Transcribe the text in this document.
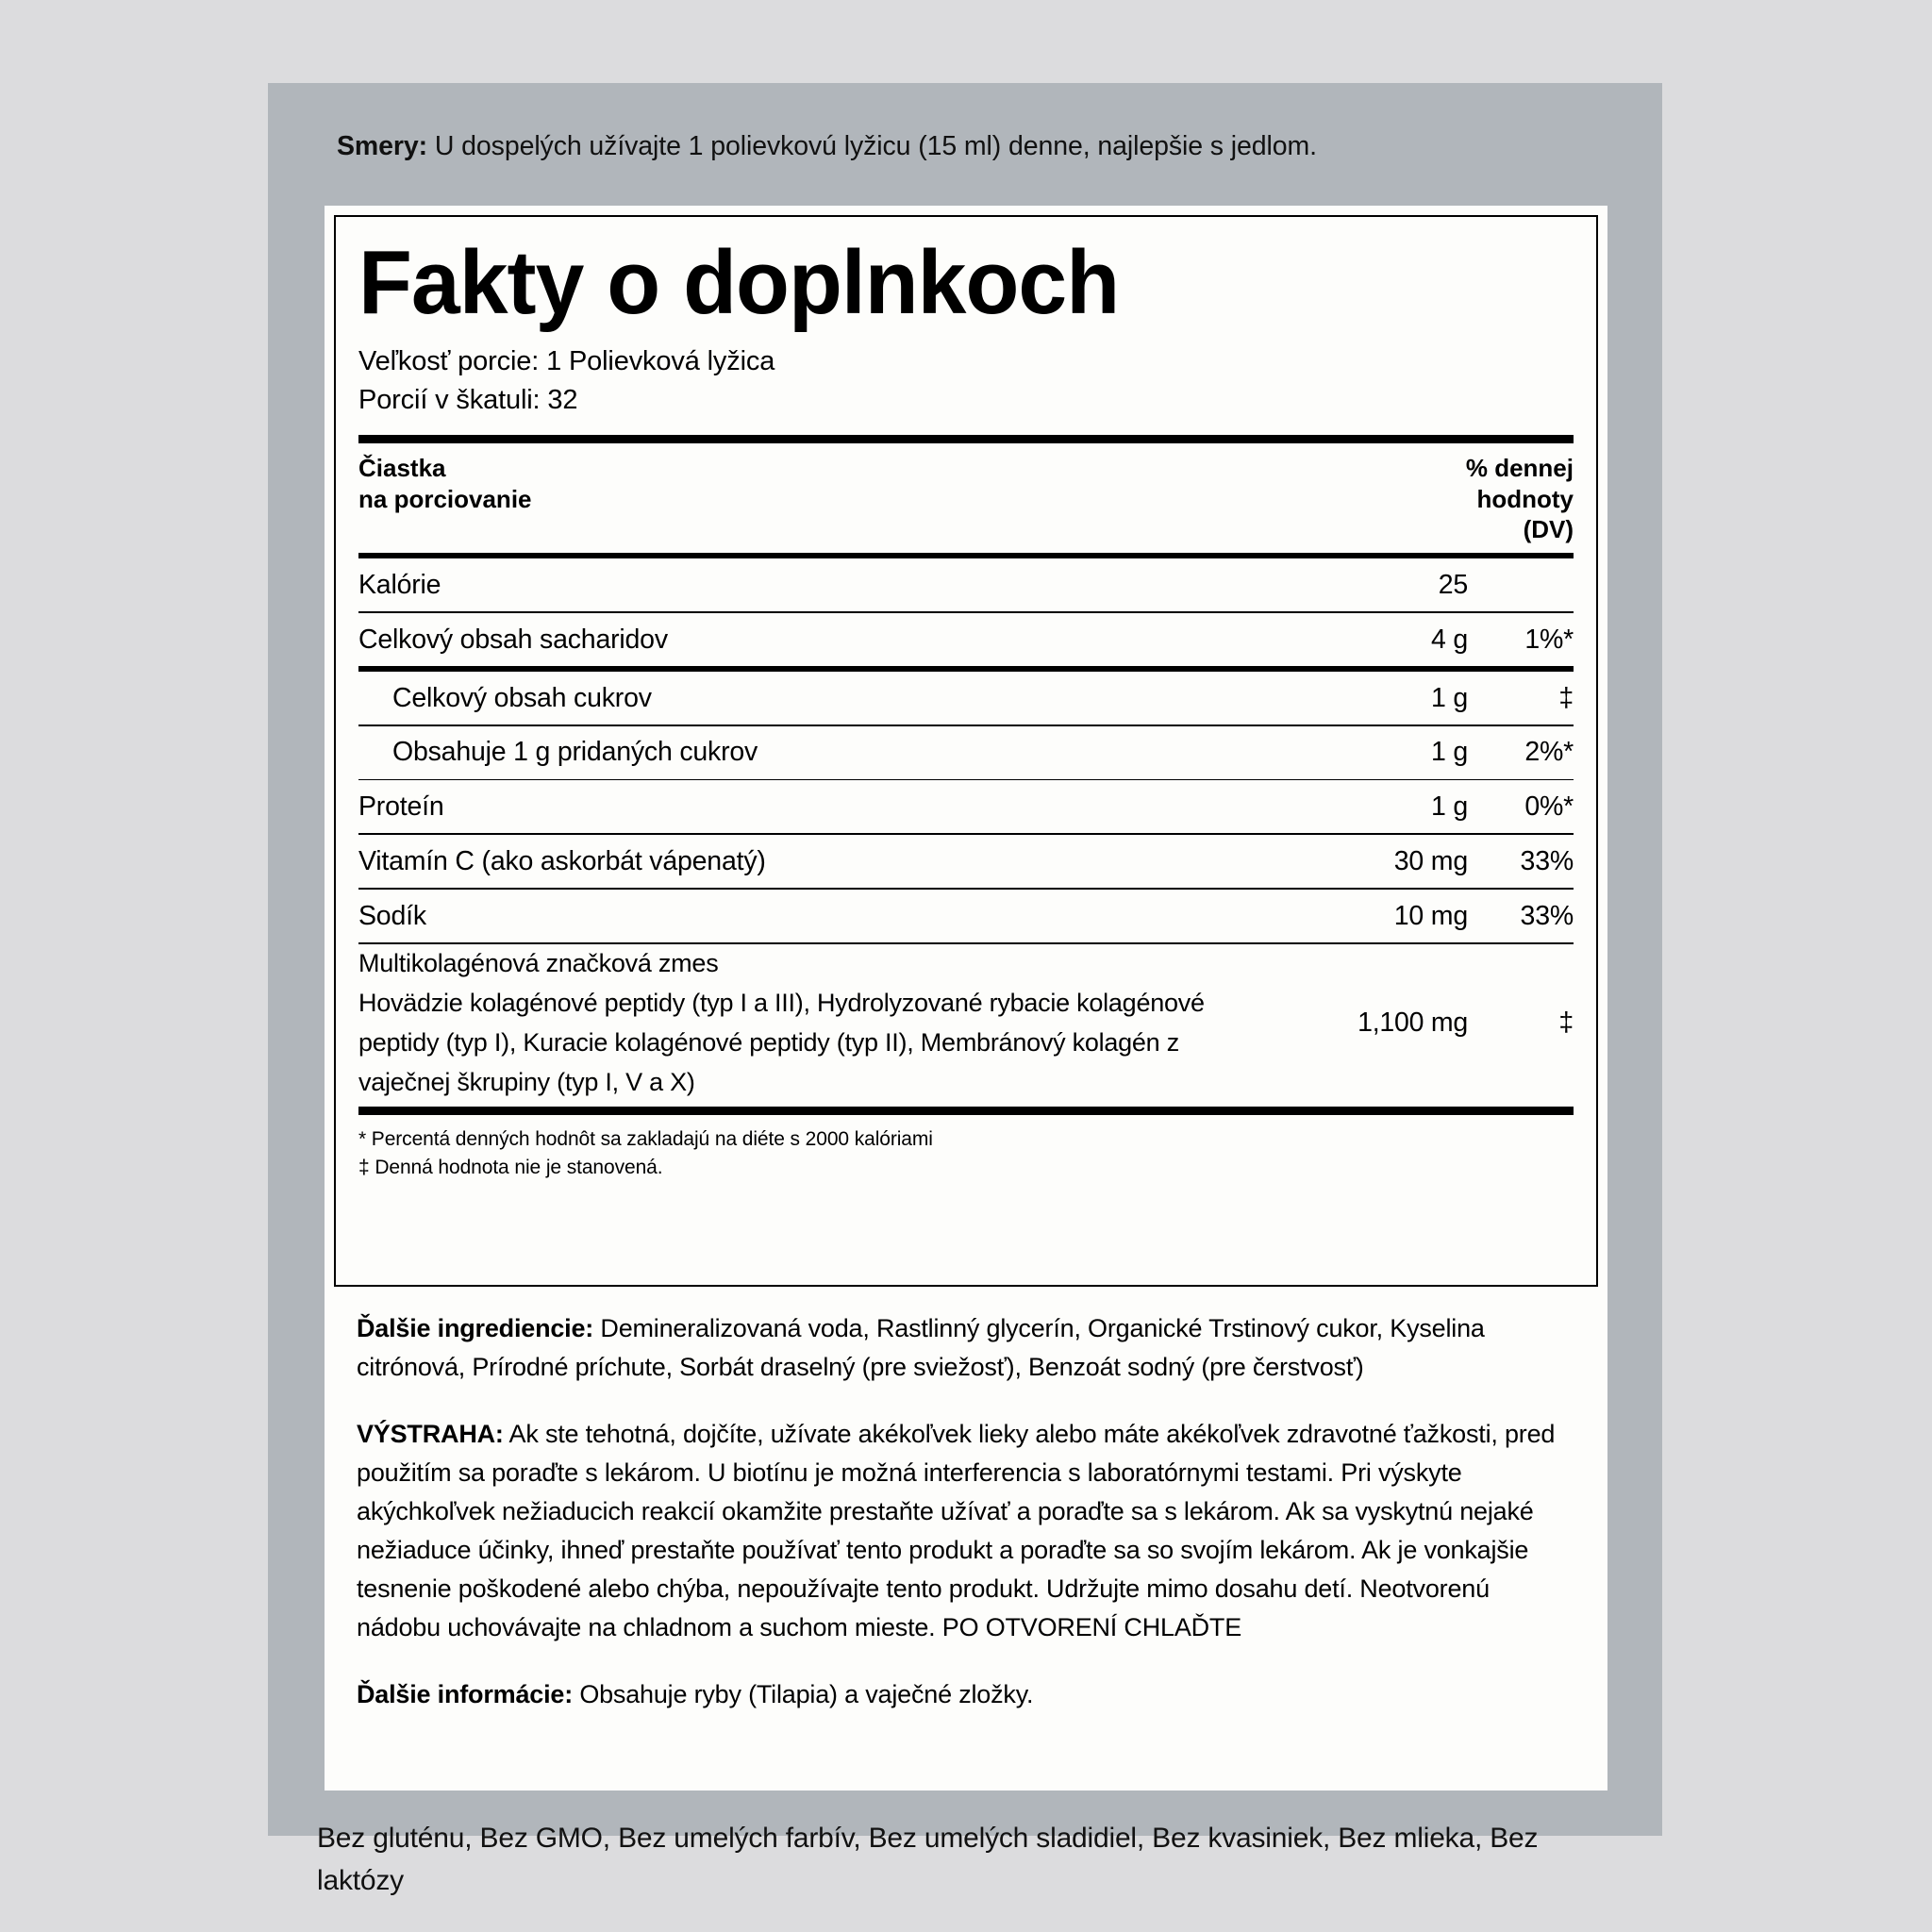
Smery: U dospelých užívajte 1 polievkovú lyžicu (15 ml) denne, najlepšie s jedlom.
Fakty o doplnkoch
Veľkosť porcie: 1 Polievková lyžica
Porcií v škatuli: 32
Čiastka
na porciovanie
% dennej
hodnoty
(DV)
Kalórie	25
Celkový obsah sacharidov	4 g	1%*
Celkový obsah cukrov	1 g	‡
Obsahuje 1 g pridaných cukrov	1 g	2%*
Proteín	1 g	0%*
Vitamín C (ako askorbát vápenatý)	30 mg	33%
Sodík	10 mg	33%
Multikolagénová značková zmes
Hovädzie kolagénové peptidy (typ I a III), Hydrolyzované rybacie kolagénové peptidy (typ I), Kuracie kolagénové peptidy (typ II), Membránový kolagén z vaječnej škrupiny (typ I, V a X)
1,100 mg	‡
* Percentá denných hodnôt sa zakladajú na diéte s 2000 kalóriami
‡ Denná hodnota nie je stanovená.

Ďalšie ingrediencie: Demineralizovaná voda, Rastlinný glycerín, Organické Trstinový cukor, Kyselina citrónová, Prírodné príchute, Sorbát draselný (pre sviežosť), Benzoát sodný (pre čerstvosť)

VÝSTRAHA: Ak ste tehotná, dojčíte, užívate akékoľvek lieky alebo máte akékoľvek zdravotné ťažkosti, pred použitím sa poraďte s lekárom. U biotínu je možná interferencia s laboratórnymi testami. Pri výskyte akýchkoľvek nežiaducich reakcií okamžite prestaňte užívať a poraďte sa s lekárom. Ak sa vyskytnú nejaké nežiaduce účinky, ihneď prestaňte používať tento produkt a poraďte sa so svojím lekárom. Ak je vonkajšie tesnenie poškodené alebo chýba, nepoužívajte tento produkt. Udržujte mimo dosahu detí. Neotvorenú nádobu uchovávajte na chladnom a suchom mieste. PO OTVORENÍ CHLAĎTE

Ďalšie informácie: Obsahuje ryby (Tilapia) a vaječné zložky.

Bez gluténu, Bez GMO, Bez umelých farbív, Bez umelých sladidiel, Bez kvasiniek, Bez mlieka, Bez laktózy
